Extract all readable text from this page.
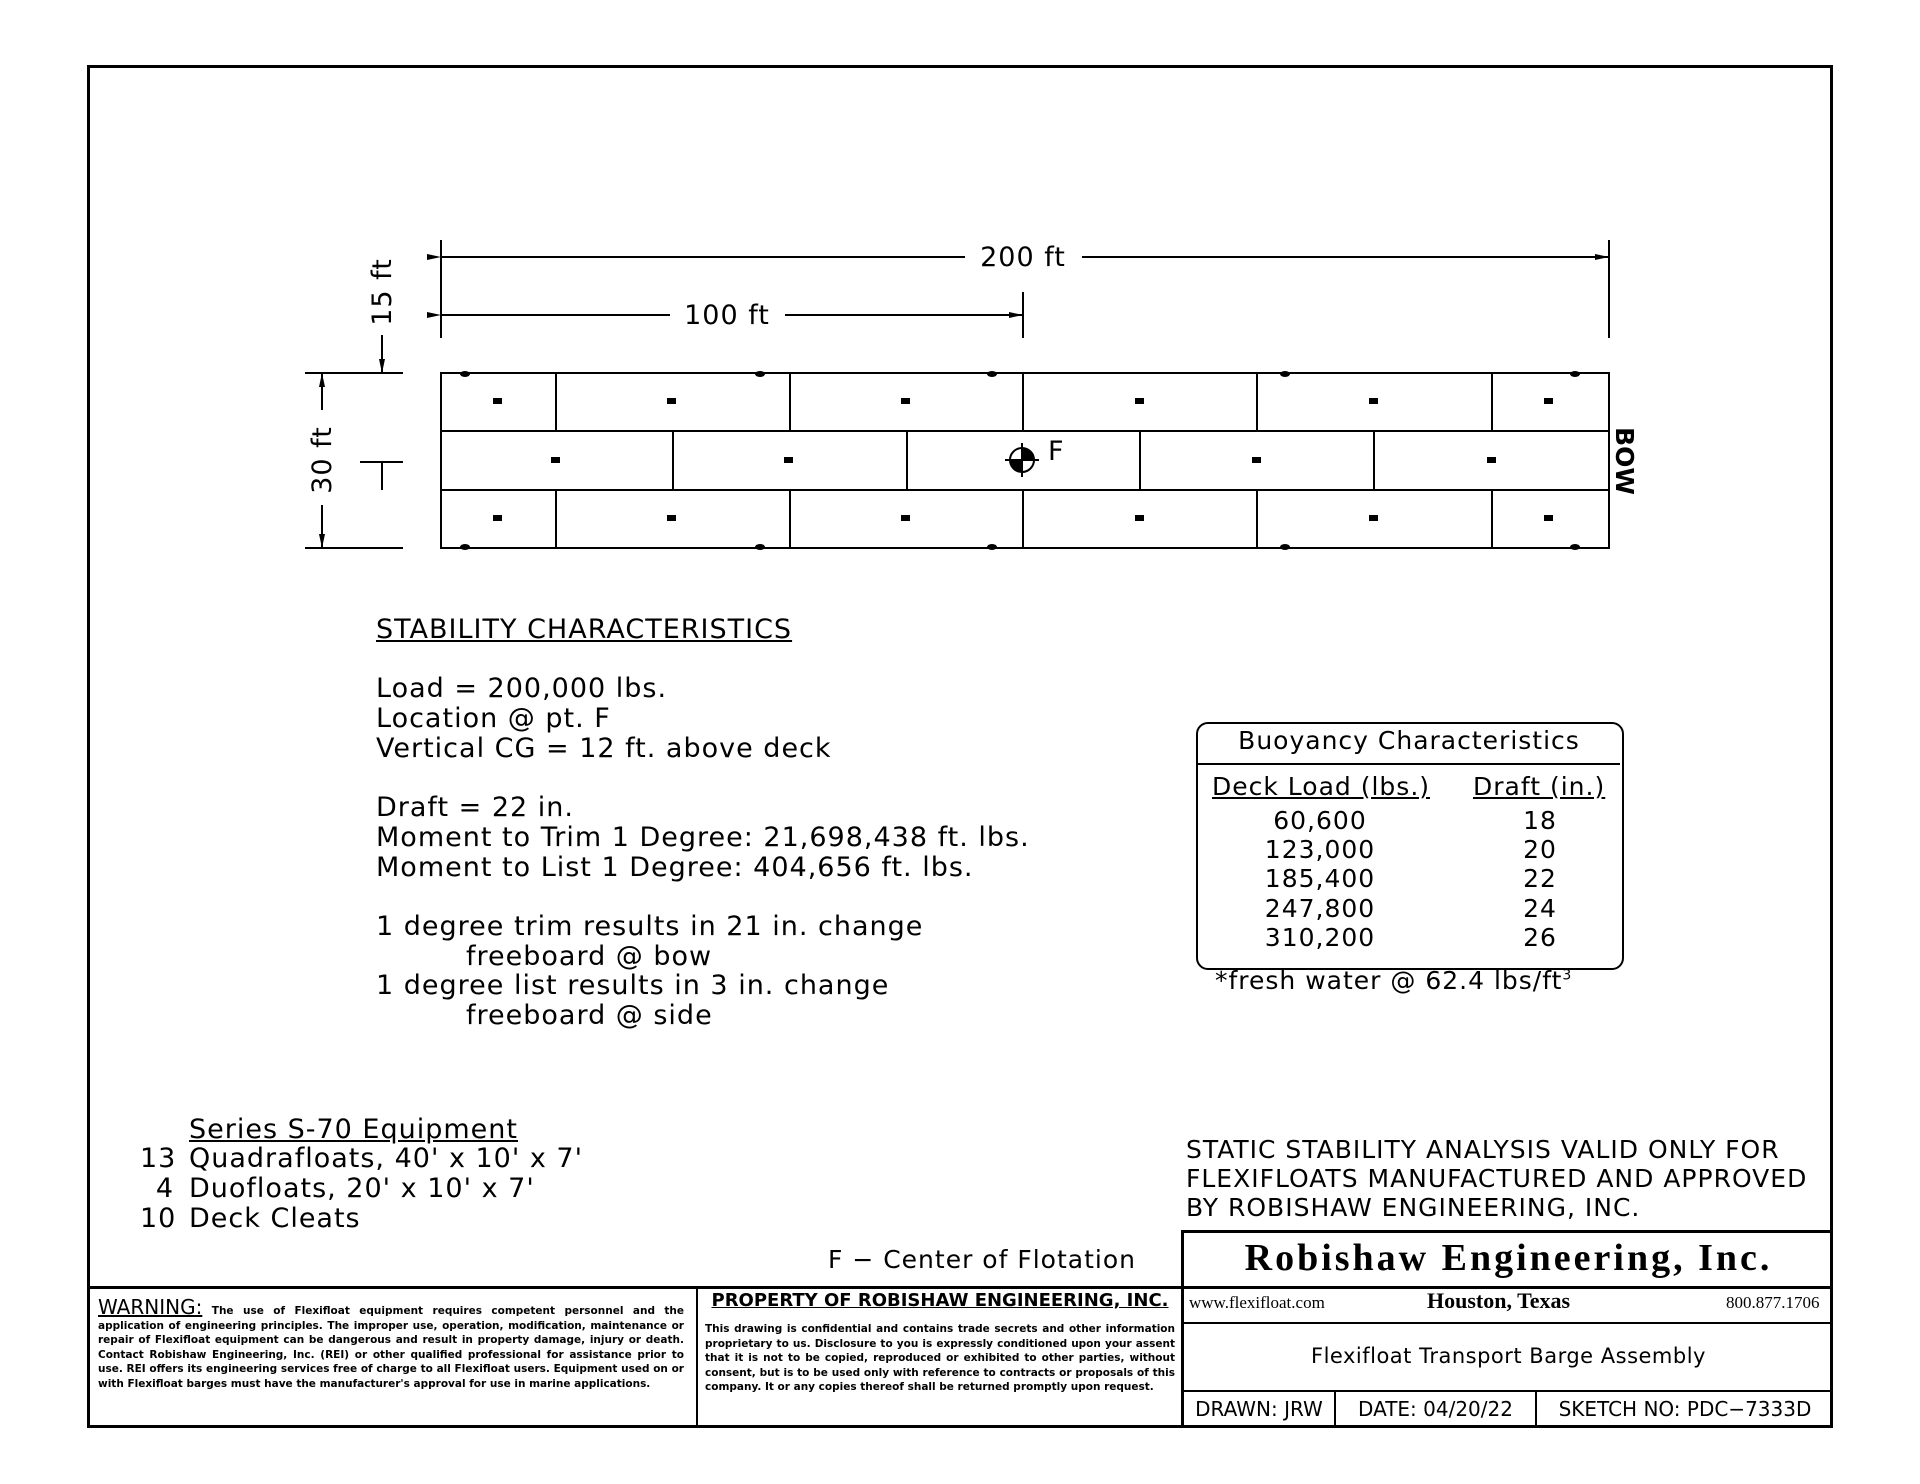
F
200 ft
100 ft
15 ft
30 ft	BOW
STABILITY CHARACTERISTICS
Load = 200,000 lbs.
Location @ pt. F
Vertical CG = 12 ft. above deck
Draft = 22 in.
Moment to Trim 1 Degree: 21,698,438 ft. lbs.
Moment to List 1 Degree: 404,656 ft. lbs.
1 degree trim results in 21 in. change
freeboard @ bow
1 degree list results in 3 in. change
freeboard @ side
Buoyancy Characteristics
Deck Load (lbs.) Draft (in.)
60,600	18
123,000	20
185,400	22
247,800	24
310,200	26
*fresh water @ 62.4 lbs/$ft^3$
Series S-70 Equipment
13 Quadrafloats, 40' x 10' x 7'
4 Duofloats, 20' x 10' x 7'
10 Deck Cleats
STATIC STABILITY ANALYSIS VALID ONLY FOR
FLEXIFLOATS MANUFACTURED AND APPROVED
BY ROBISHAW ENGINEERING, INC.
F − Center of Flotation	Robishaw Engineering, Inc.
www.flexifloat.com	Houston, Texas	800.877.1706
Flexifloat Transport Barge Assembly
DRAWN: JRW	DATE: 04/20/22	SKETCH NO: PDC−7333D
WARNING: The use of Flexifloat equipment requires competent personnel and the application of engineering principles. The improper use, operation, modification, maintenance or repair of Flexifloat equipment can be dangerous and result in property damage, injury or death. Contact Robishaw Engineering, Inc. (REI) or other qualified professional for assistance prior to use. REI offers its engineering services free of charge to all Flexifloat users. Equipment used on or with Flexifloat barges must have the manufacturer's approval for use in marine applications.
PROPERTY OF ROBISHAW ENGINEERING, INC.
This drawing is confidential and contains trade secrets and other information proprietary to us. Disclosure to you is expressly conditioned upon your assent that it is not to be copied, reproduced or exhibited to other parties, without consent, but is to be used only with reference to contracts or proposals of this company. It or any copies thereof shall be returned promptly upon request.
